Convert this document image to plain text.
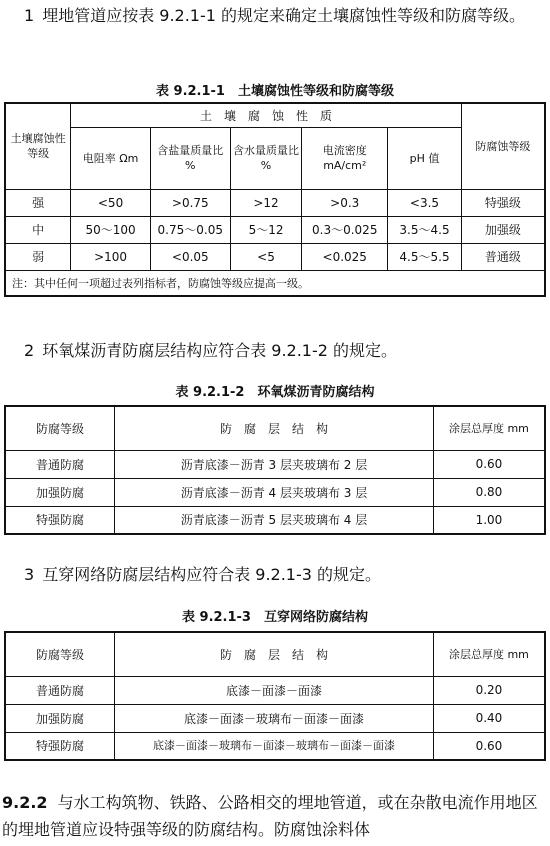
1 埋地管道应按表 9.2.1-1 的规定来确定土壤腐蚀性等级和防腐等级。
表 9.2.1-1　土壤腐蚀性等级和防腐等级
土壤腐蚀性等级	土　壤　腐　蚀　性　质					防腐蚀等级
	电阻率 Ωm	含盐量质量比 %	含水量质量比 %	电流密度 mA/cm²	pH 值	
强	<50	>0.75	>12	>0.3	<3.5	特强级
中	50～100	0.75～0.05	5～12	0.3～0.025	3.5～4.5	加强级
弱	>100	<0.05	<5	<0.025	4.5～5.5	普通级
注：其中任何一项超过表列指标者，防腐蚀等级应提高一级。						
2 环氧煤沥青防腐层结构应符合表 9.2.1-2 的规定。
表 9.2.1-2　环氧煤沥青防腐结构
防腐等级	防　腐　层　结　构	涂层总厚度 mm
普通防腐	沥青底漆－沥青 3 层夹玻璃布 2 层	0.60
加强防腐	沥青底漆－沥青 4 层夹玻璃布 3 层	0.80
特强防腐	沥青底漆－沥青 5 层夹玻璃布 4 层	1.00
3 互穿网络防腐层结构应符合表 9.2.1-3 的规定。
表 9.2.1-3　互穿网络防腐结构
防腐等级	防　腐　层　结　构	涂层总厚度 mm
普通防腐	底漆－面漆－面漆	0.20
加强防腐	底漆－面漆－玻璃布－面漆－面漆	0.40
特强防腐	底漆－面漆－玻璃布－面漆－玻璃布－面漆－面漆	0.60
9.2.2 与水工构筑物、铁路、公路相交的埋地管道，或在杂散电流作用地区的埋地管道应设特强等级的防腐结构。防腐蚀涂料体
